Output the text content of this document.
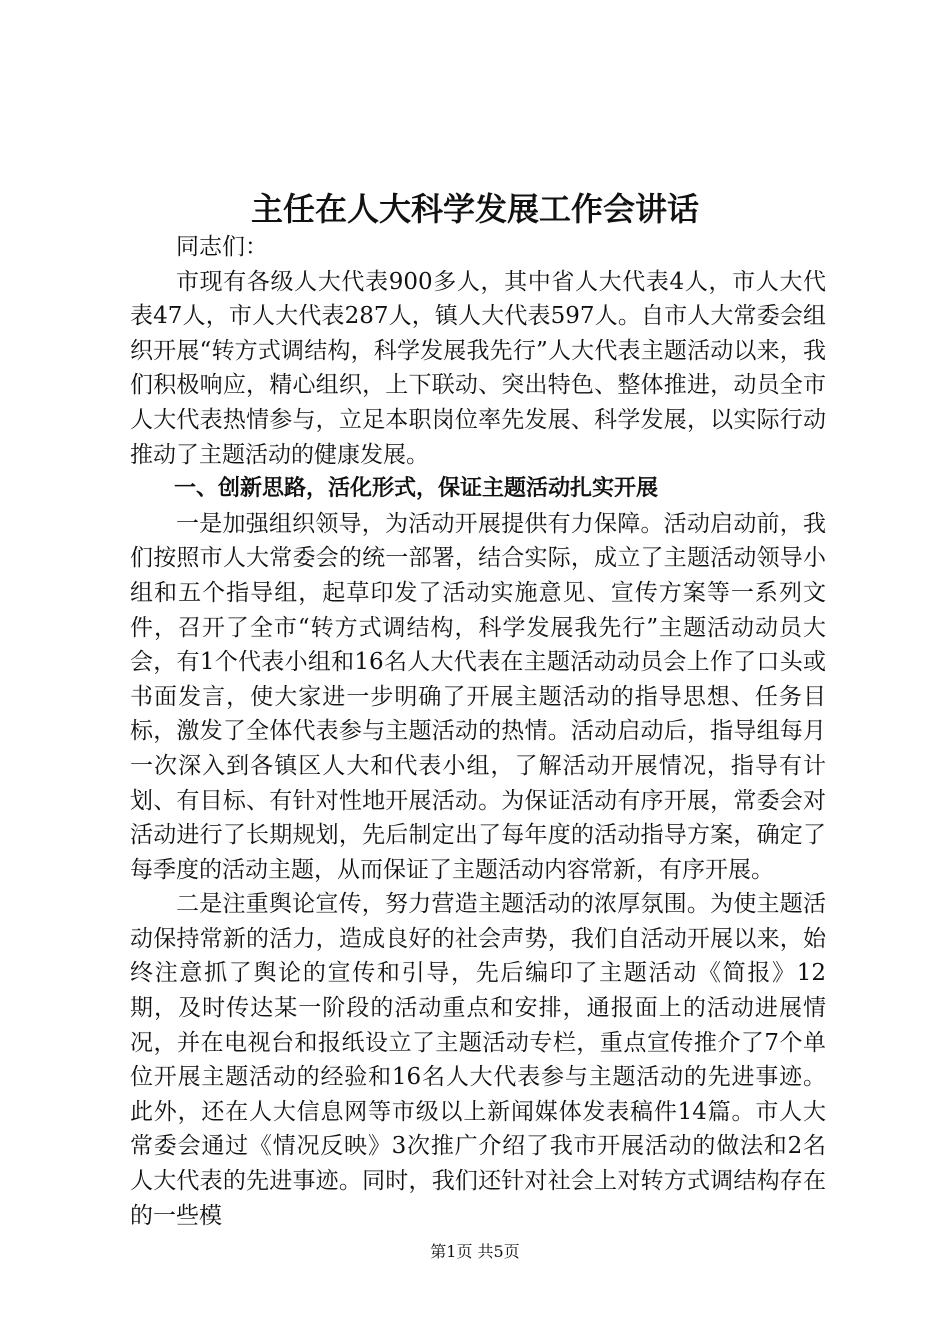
主任在人大科学发展工作会讲话

同志们：

市现有各级人大代表900多人，其中省人大代表4人，市人大代表47人，市人大代表287人，镇人大代表597人。自市人大常委会组织开展“转方式调结构，科学发展我先行”人大代表主题活动以来，我们积极响应，精心组织，上下联动、突出特色、整体推进，动员全市人大代表热情参与，立足本职岗位率先发展、科学发展，以实际行动推动了主题活动的健康发展。

一、创新思路，活化形式，保证主题活动扎实开展

一是加强组织领导，为活动开展提供有力保障。活动启动前，我们按照市人大常委会的统一部署，结合实际，成立了主题活动领导小组和五个指导组，起草印发了活动实施意见、宣传方案等一系列文件，召开了全市“转方式调结构，科学发展我先行”主题活动动员大会，有1个代表小组和16名人大代表在主题活动动员会上作了口头或书面发言，使大家进一步明确了开展主题活动的指导思想、任务目标，激发了全体代表参与主题活动的热情。活动启动后，指导组每月一次深入到各镇区人大和代表小组，了解活动开展情况，指导有计划、有目标、有针对性地开展活动。为保证活动有序开展，常委会对活动进行了长期规划，先后制定出了每年度的活动指导方案，确定了每季度的活动主题，从而保证了主题活动内容常新，有序开展。

二是注重舆论宣传，努力营造主题活动的浓厚氛围。为使主题活动保持常新的活力，造成良好的社会声势，我们自活动开展以来，始终注意抓了舆论的宣传和引导，先后编印了主题活动《简报》12期，及时传达某一阶段的活动重点和安排，通报面上的活动进展情况，并在电视台和报纸设立了主题活动专栏，重点宣传推介了7个单位开展主题活动的经验和16名人大代表参与主题活动的先进事迹。此外，还在人大信息网等市级以上新闻媒体发表稿件14篇。市人大常委会通过《情况反映》3次推广介绍了我市开展活动的做法和2名人大代表的先进事迹。同时，我们还针对社会上对转方式调结构存在的一些模

第1页 共5页
